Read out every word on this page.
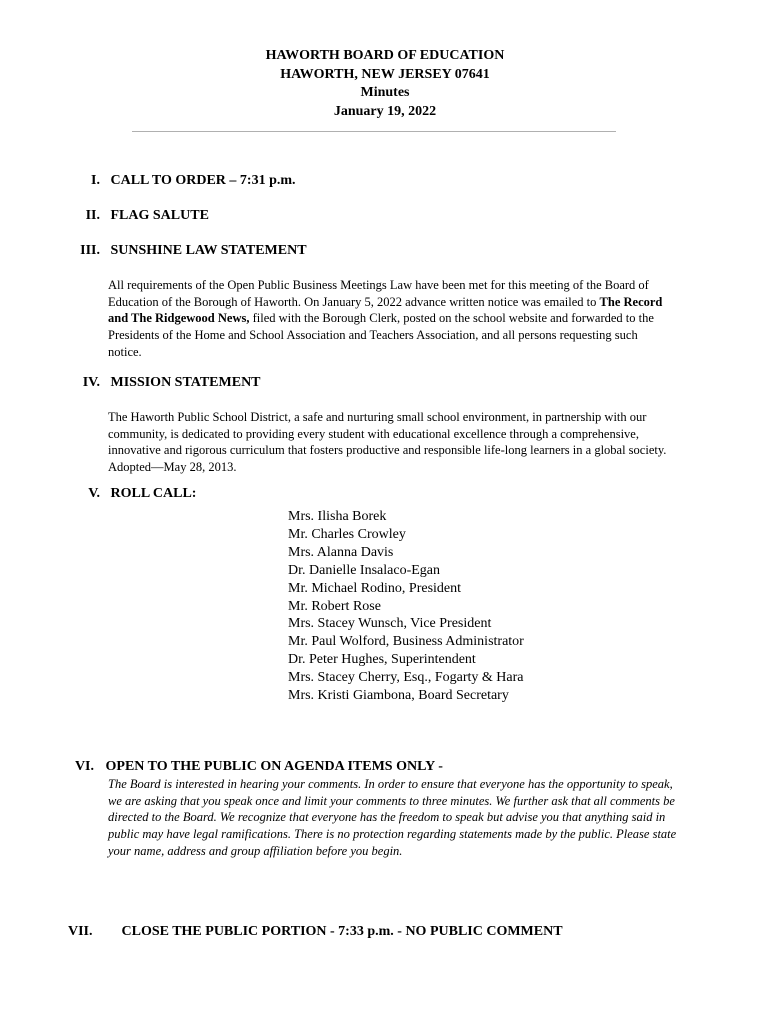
HAWORTH BOARD OF EDUCATION
HAWORTH, NEW JERSEY 07641
Minutes
January 19, 2022
I. CALL TO ORDER – 7:31 p.m.
II. FLAG SALUTE
III. SUNSHINE LAW STATEMENT
All requirements of the Open Public Business Meetings Law have been met for this meeting of the Board of Education of the Borough of Haworth. On January 5, 2022 advance written notice was emailed to The Record and The Ridgewood News, filed with the Borough Clerk, posted on the school website and forwarded to the Presidents of the Home and School Association and Teachers Association, and all persons requesting such notice.
IV. MISSION STATEMENT
The Haworth Public School District, a safe and nurturing small school environment, in partnership with our community, is dedicated to providing every student with educational excellence through a comprehensive, innovative and rigorous curriculum that fosters productive and responsible life-long learners in a global society. Adopted—May 28, 2013.
V. ROLL CALL:
Mrs. Ilisha Borek
Mr. Charles Crowley
Mrs. Alanna Davis
Dr. Danielle Insalaco-Egan
Mr. Michael Rodino, President
Mr. Robert Rose
Mrs. Stacey Wunsch, Vice President
Mr. Paul Wolford, Business Administrator
Dr. Peter Hughes, Superintendent
Mrs. Stacey Cherry, Esq., Fogarty & Hara
Mrs. Kristi Giambona, Board Secretary
VI. OPEN TO THE PUBLIC ON AGENDA ITEMS ONLY -
The Board is interested in hearing your comments. In order to ensure that everyone has the opportunity to speak, we are asking that you speak once and limit your comments to three minutes. We further ask that all comments be directed to the Board. We recognize that everyone has the freedom to speak but advise you that anything said in public may have legal ramifications. There is no protection regarding statements made by the public. Please state your name, address and group affiliation before you begin.
VII. CLOSE THE PUBLIC PORTION - 7:33 p.m. - NO PUBLIC COMMENT
